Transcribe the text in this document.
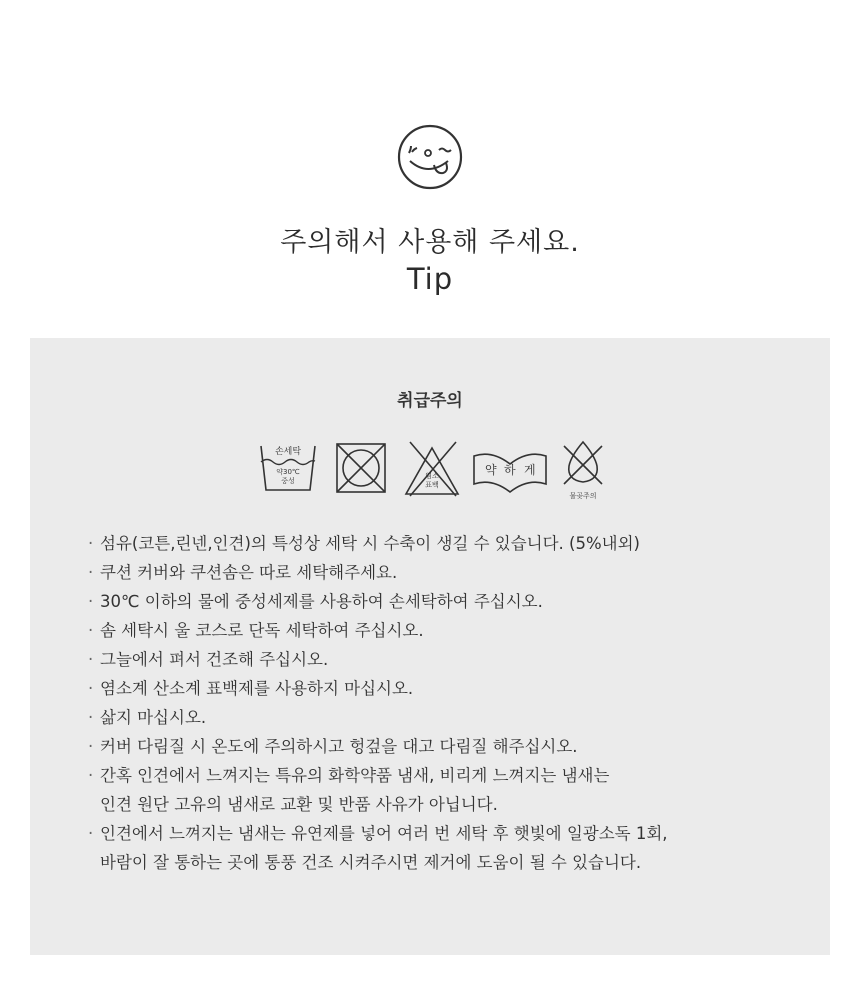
주의해서 사용해 주세요.
Tip
취급주의
손세탁
약30℃
중성
염소
표백
약 하 게
물곶주의
· 섬유(코튼,린넨,인견)의 특성상 세탁 시 수축이 생길 수 있습니다. (5%내외)
· 쿠션 커버와 쿠션솜은 따로 세탁해주세요.
· 30℃ 이하의 물에 중성세제를 사용하여 손세탁하여 주십시오.
· 솜 세탁시 울 코스로 단독 세탁하여 주십시오.
· 그늘에서 펴서 건조해 주십시오.
· 염소계 산소계 표백제를 사용하지 마십시오.
· 삶지 마십시오.
· 커버 다림질 시 온도에 주의하시고 헝겊을 대고 다림질 해주십시오.
· 간혹 인견에서 느껴지는 특유의 화학약품 냄새, 비리게 느껴지는 냄새는
인견 원단 고유의 냄새로 교환 및 반품 사유가 아닙니다.
· 인견에서 느껴지는 냄새는 유연제를 넣어 여러 번 세탁 후 햇빛에 일광소독 1회,
바람이 잘 통하는 곳에 통풍 건조 시켜주시면 제거에 도움이 될 수 있습니다.
